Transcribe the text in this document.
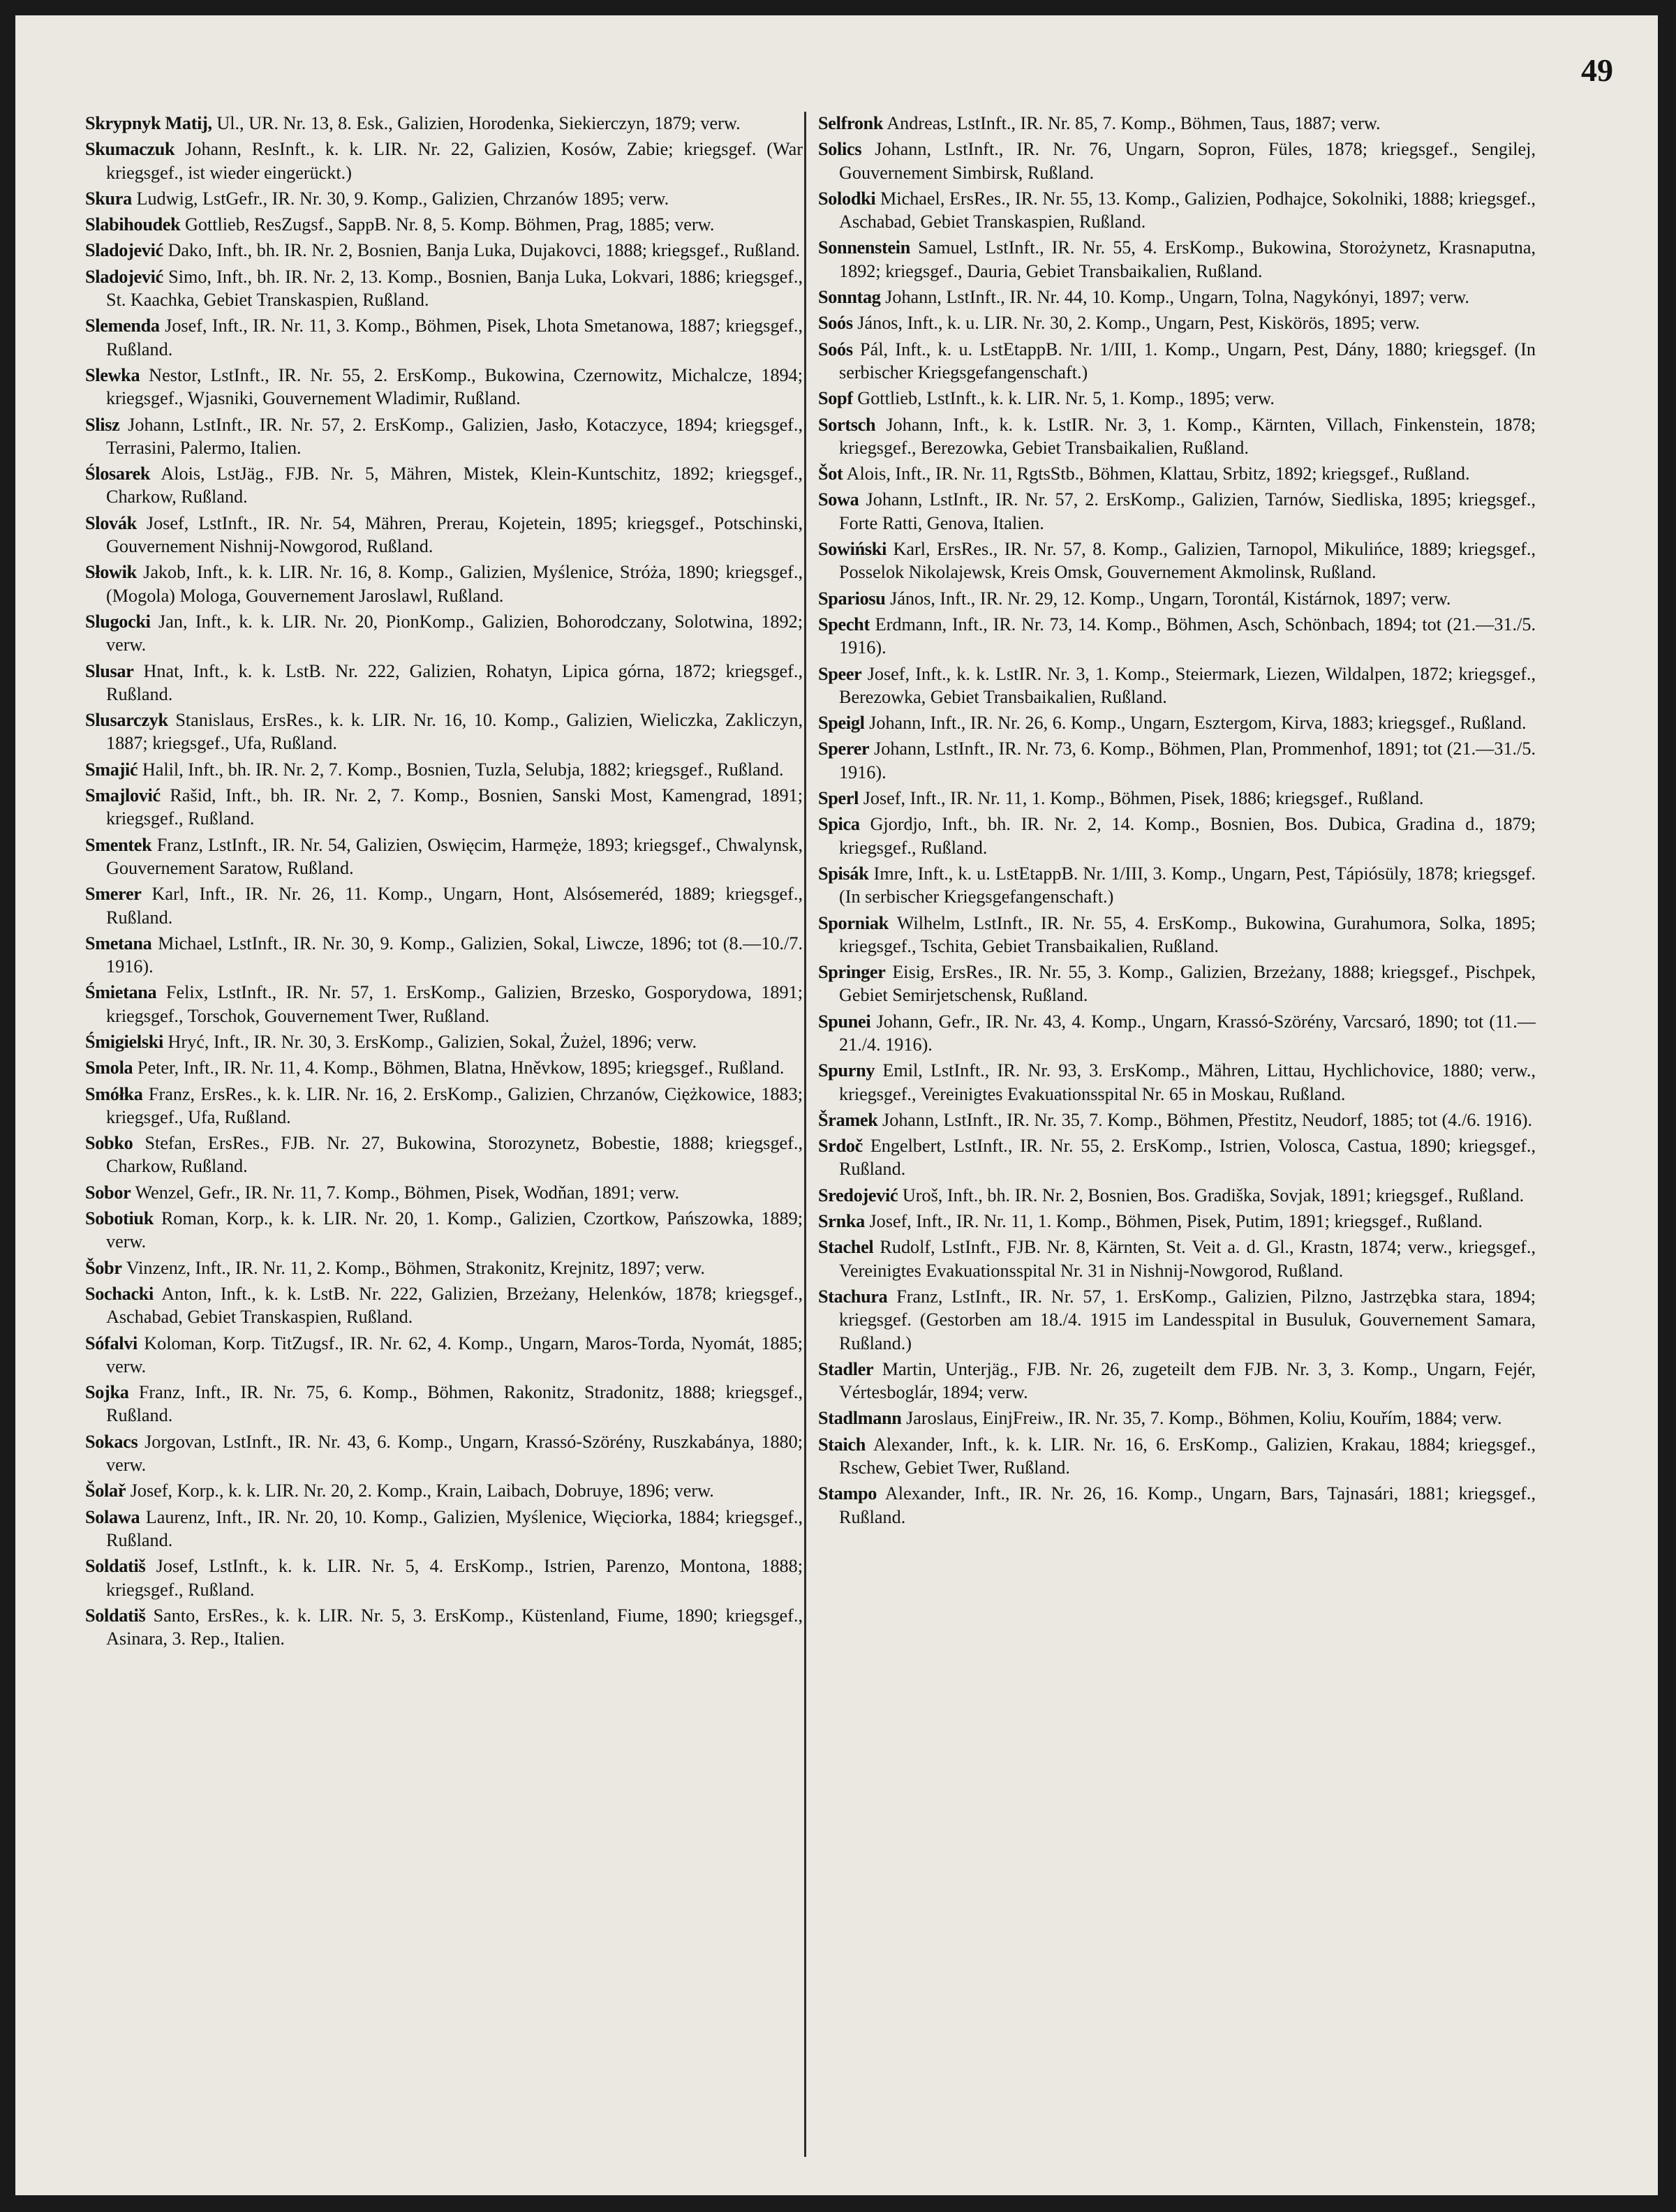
49

Skrypnyk Matij, Ul., UR. Nr. 13, 8. Esk., Galizien, Horodenka, Siekierczyn, 1879; verw.

Skumaczuk Johann, ResInft., k. k. LIR. Nr. 22, Galizien, Kosów, Zabie; kriegsgef. (War kriegsgef., ist wieder eingerückt.)

Skura Ludwig, LstGefr., IR. Nr. 30, 9. Komp., Galizien, Chrzanów 1895; verw.

Slabihoudek Gottlieb, ResZugsf., SappB. Nr. 8, 5. Komp. Böhmen, Prag, 1885; verw.

Sladojević Dako, Inft., bh. IR. Nr. 2, Bosnien, Banja Luka, Dujakovci, 1888; kriegsgef., Rußland.

Sladojević Simo, Inft., bh. IR. Nr. 2, 13. Komp., Bosnien, Banja Luka, Lokvari, 1886; kriegsgef., St. Kaachka, Gebiet Transkaspien, Rußland.

Slemenda Josef, Inft., IR. Nr. 11, 3. Komp., Böhmen, Pisek, Lhota Smetanowa, 1887; kriegsgef., Rußland.

Slewka Nestor, LstInft., IR. Nr. 55, 2. ErsKomp., Bukowina, Czernowitz, Michalcze, 1894; kriegsgef., Wjasniki, Gouvernement Wladimir, Rußland.

Slisz Johann, LstInft., IR. Nr. 57, 2. ErsKomp., Galizien, Jasło, Kotaczyce, 1894; kriegsgef., Terrasini, Palermo, Italien.

Ślosarek Alois, LstJäg., FJB. Nr. 5, Mähren, Mistek, Klein-Kuntschitz, 1892; kriegsgef., Charkow, Rußland.

Slovák Josef, LstInft., IR. Nr. 54, Mähren, Prerau, Kojetein, 1895; kriegsgef., Potschinski, Gouvernement Nishnij-Nowgorod, Rußland.

Słowik Jakob, Inft., k. k. LIR. Nr. 16, 8. Komp., Galizien, Myślenice, Stróża, 1890; kriegsgef., (Mogola) Mologa, Gouvernement Jaroslawl, Rußland.

Slugocki Jan, Inft., k. k. LIR. Nr. 20, PionKomp., Galizien, Bohorodczany, Solotwina, 1892; verw.

Slusar Hnat, Inft., k. k. LstB. Nr. 222, Galizien, Rohatyn, Lipica górna, 1872; kriegsgef., Rußland.

Slusarczyk Stanislaus, ErsRes., k. k. LIR. Nr. 16, 10. Komp., Galizien, Wieliczka, Zakliczyn, 1887; kriegsgef., Ufa, Rußland.

Smajić Halil, Inft., bh. IR. Nr. 2, 7. Komp., Bosnien, Tuzla, Selubja, 1882; kriegsgef., Rußland.

Smajlović Rašid, Inft., bh. IR. Nr. 2, 7. Komp., Bosnien, Sanski Most, Kamengrad, 1891; kriegsgef., Rußland.

Smentek Franz, LstInft., IR. Nr. 54, Galizien, Oswięcim, Harmęże, 1893; kriegsgef., Chwalynsk, Gouvernement Saratow, Rußland.

Smerer Karl, Inft., IR. Nr. 26, 11. Komp., Ungarn, Hont, Alsósemeréd, 1889; kriegsgef., Rußland.

Smetana Michael, LstInft., IR. Nr. 30, 9. Komp., Galizien, Sokal, Liwcze, 1896; tot (8.—10./7. 1916).

Śmietana Felix, LstInft., IR. Nr. 57, 1. ErsKomp., Galizien, Brzesko, Gosporydowa, 1891; kriegsgef., Torschok, Gouvernement Twer, Rußland.

Śmigielski Hryć, Inft., IR. Nr. 30, 3. ErsKomp., Galizien, Sokal, Żużel, 1896; verw.

Smola Peter, Inft., IR. Nr. 11, 4. Komp., Böhmen, Blatna, Hněvkow, 1895; kriegsgef., Rußland.

Smółka Franz, ErsRes., k. k. LIR. Nr. 16, 2. ErsKomp., Galizien, Chrzanów, Ciężkowice, 1883; kriegsgef., Ufa, Rußland.

Sobko Stefan, ErsRes., FJB. Nr. 27, Bukowina, Storozynetz, Bobestie, 1888; kriegsgef., Charkow, Rußland.

Sobor Wenzel, Gefr., IR. Nr. 11, 7. Komp., Böhmen, Pisek, Wodňan, 1891; verw.

Sobotiuk Roman, Korp., k. k. LIR. Nr. 20, 1. Komp., Galizien, Czortkow, Pańszowka, 1889; verw.

Šobr Vinzenz, Inft., IR. Nr. 11, 2. Komp., Böhmen, Strakonitz, Krejnitz, 1897; verw.

Sochacki Anton, Inft., k. k. LstB. Nr. 222, Galizien, Brzeżany, Helenków, 1878; kriegsgef., Aschabad, Gebiet Transkaspien, Rußland.

Sófalvi Koloman, Korp. TitZugsf., IR. Nr. 62, 4. Komp., Ungarn, Maros-Torda, Nyomát, 1885; verw.

Sojka Franz, Inft., IR. Nr. 75, 6. Komp., Böhmen, Rakonitz, Stradonitz, 1888; kriegsgef., Rußland.

Sokacs Jorgovan, LstInft., IR. Nr. 43, 6. Komp., Ungarn, Krassó-Szörény, Ruszkabánya, 1880; verw.

Šolař Josef, Korp., k. k. LIR. Nr. 20, 2. Komp., Krain, Laibach, Dobruye, 1896; verw.

Solawa Laurenz, Inft., IR. Nr. 20, 10. Komp., Galizien, Myślenice, Więciorka, 1884; kriegsgef., Rußland.

Soldatiš Josef, LstInft., k. k. LIR. Nr. 5, 4. ErsKomp., Istrien, Parenzo, Montona, 1888; kriegsgef., Rußland.

Soldatiš Santo, ErsRes., k. k. LIR. Nr. 5, 3. ErsKomp., Küstenland, Fiume, 1890; kriegsgef., Asinara, 3. Rep., Italien.

Selfronk Andreas, LstInft., IR. Nr. 85, 7. Komp., Böhmen, Taus, 1887; verw.

Solics Johann, LstInft., IR. Nr. 76, Ungarn, Sopron, Füles, 1878; kriegsgef., Sengilej, Gouvernement Simbirsk, Rußland.

Solodki Michael, ErsRes., IR. Nr. 55, 13. Komp., Galizien, Podhajce, Sokolniki, 1888; kriegsgef., Aschabad, Gebiet Transkaspien, Rußland.

Sonnenstein Samuel, LstInft., IR. Nr. 55, 4. ErsKomp., Bukowina, Storożynetz, Krasnaputna, 1892; kriegsgef., Dauria, Gebiet Transbaikalien, Rußland.

Sonntag Johann, LstInft., IR. Nr. 44, 10. Komp., Ungarn, Tolna, Nagykónyi, 1897; verw.

Soós János, Inft., k. u. LIR. Nr. 30, 2. Komp., Ungarn, Pest, Kiskörös, 1895; verw.

Soós Pál, Inft., k. u. LstEtappB. Nr. 1/III, 1. Komp., Ungarn, Pest, Dány, 1880; kriegsgef. (In serbischer Kriegsgefangenschaft.)

Sopf Gottlieb, LstInft., k. k. LIR. Nr. 5, 1. Komp., 1895; verw.

Sortsch Johann, Inft., k. k. LstIR. Nr. 3, 1. Komp., Kärnten, Villach, Finkenstein, 1878; kriegsgef., Berezowka, Gebiet Transbaikalien, Rußland.

Šot Alois, Inft., IR. Nr. 11, RgtsStb., Böhmen, Klattau, Srbitz, 1892; kriegsgef., Rußland.

Sowa Johann, LstInft., IR. Nr. 57, 2. ErsKomp., Galizien, Tarnów, Siedliska, 1895; kriegsgef., Forte Ratti, Genova, Italien.

Sowiński Karl, ErsRes., IR. Nr. 57, 8. Komp., Galizien, Tarnopol, Mikulińce, 1889; kriegsgef., Posselok Nikolajewsk, Kreis Omsk, Gouvernement Akmolinsk, Rußland.

Spariosu János, Inft., IR. Nr. 29, 12. Komp., Ungarn, Torontál, Kistárnok, 1897; verw.

Specht Erdmann, Inft., IR. Nr. 73, 14. Komp., Böhmen, Asch, Schönbach, 1894; tot (21.—31./5. 1916).

Speer Josef, Inft., k. k. LstIR. Nr. 3, 1. Komp., Steiermark, Liezen, Wildalpen, 1872; kriegsgef., Berezowka, Gebiet Transbaikalien, Rußland.

Speigl Johann, Inft., IR. Nr. 26, 6. Komp., Ungarn, Esztergom, Kirva, 1883; kriegsgef., Rußland.

Sperer Johann, LstInft., IR. Nr. 73, 6. Komp., Böhmen, Plan, Prommenhof, 1891; tot (21.—31./5. 1916).

Sperl Josef, Inft., IR. Nr. 11, 1. Komp., Böhmen, Pisek, 1886; kriegsgef., Rußland.

Spica Gjordjo, Inft., bh. IR. Nr. 2, 14. Komp., Bosnien, Bos. Dubica, Gradina d., 1879; kriegsgef., Rußland.

Spisák Imre, Inft., k. u. LstEtappB. Nr. 1/III, 3. Komp., Ungarn, Pest, Tápiósüly, 1878; kriegsgef. (In serbischer Kriegsgefangenschaft.)

Sporniak Wilhelm, LstInft., IR. Nr. 55, 4. ErsKomp., Bukowina, Gurahumora, Solka, 1895; kriegsgef., Tschita, Gebiet Transbaikalien, Rußland.

Springer Eisig, ErsRes., IR. Nr. 55, 3. Komp., Galizien, Brzeżany, 1888; kriegsgef., Pischpek, Gebiet Semirjetschensk, Rußland.

Spunei Johann, Gefr., IR. Nr. 43, 4. Komp., Ungarn, Krassó-Szörény, Varcsaró, 1890; tot (11.—21./4. 1916).

Spurny Emil, LstInft., IR. Nr. 93, 3. ErsKomp., Mähren, Littau, Hychlichovice, 1880; verw., kriegsgef., Vereinigtes Evakuationsspital Nr. 65 in Moskau, Rußland.

Šramek Johann, LstInft., IR. Nr. 35, 7. Komp., Böhmen, Přestitz, Neudorf, 1885; tot (4./6. 1916).

Srdoč Engelbert, LstInft., IR. Nr. 55, 2. ErsKomp., Istrien, Volosca, Castua, 1890; kriegsgef., Rußland.

Sredojević Uroš, Inft., bh. IR. Nr. 2, Bosnien, Bos. Gradiška, Sovjak, 1891; kriegsgef., Rußland.

Srnka Josef, Inft., IR. Nr. 11, 1. Komp., Böhmen, Pisek, Putim, 1891; kriegsgef., Rußland.

Stachel Rudolf, LstInft., FJB. Nr. 8, Kärnten, St. Veit a. d. Gl., Krastn, 1874; verw., kriegsgef., Vereinigtes Evakuationsspital Nr. 31 in Nishnij-Nowgorod, Rußland.

Stachura Franz, LstInft., IR. Nr. 57, 1. ErsKomp., Galizien, Pilzno, Jastrzębka stara, 1894; kriegsgef. (Gestorben am 18./4. 1915 im Landesspital in Busuluk, Gouvernement Samara, Rußland.)

Stadler Martin, Unterjäg., FJB. Nr. 26, zugeteilt dem FJB. Nr. 3, 3. Komp., Ungarn, Fejér, Vértesboglár, 1894; verw.

Stadlmann Jaroslaus, EinjFreiw., IR. Nr. 35, 7. Komp., Böhmen, Koliu, Kouřím, 1884; verw.

Staich Alexander, Inft., k. k. LIR. Nr. 16, 6. ErsKomp., Galizien, Krakau, 1884; kriegsgef., Rschew, Gebiet Twer, Rußland.

Stampo Alexander, Inft., IR. Nr. 26, 16. Komp., Ungarn, Bars, Tajnasári, 1881; kriegsgef., Rußland.
